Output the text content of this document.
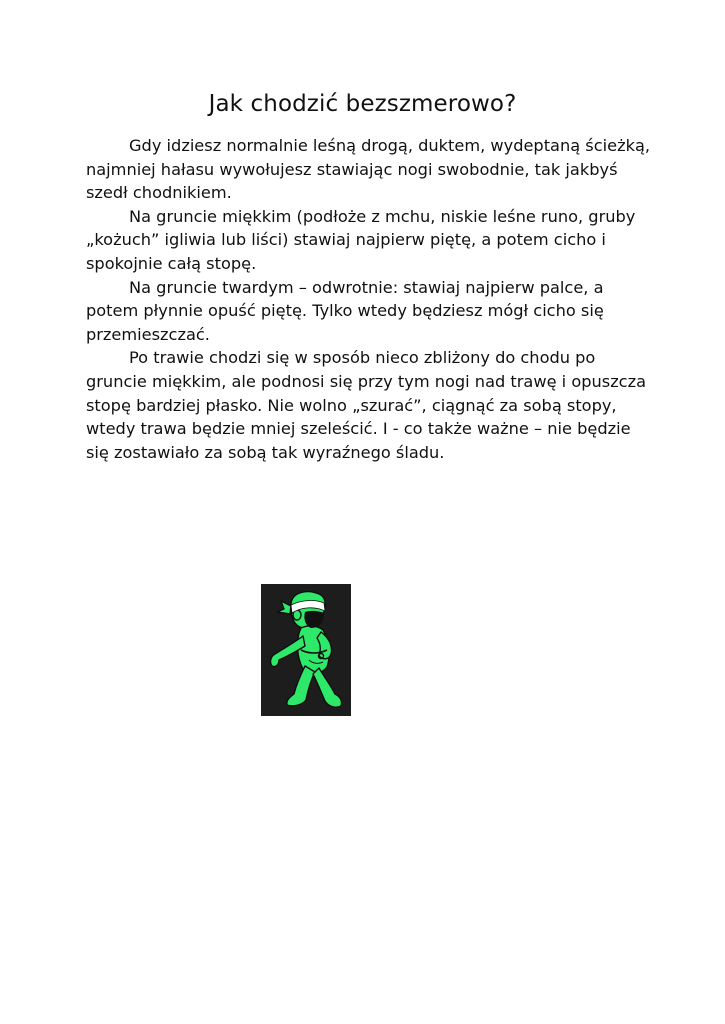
Jak chodzić bezszmerowo?
Gdy idziesz normalnie leśną drogą, duktem, wydeptaną ścieżką,
najmniej hałasu wywołujesz stawiając nogi swobodnie, tak jakbyś
szedł chodnikiem.
Na gruncie miękkim (podłoże z mchu, niskie leśne runo, gruby
„kożuch” igliwia lub liści) stawiaj najpierw piętę, a potem cicho i
spokojnie całą stopę.
Na gruncie twardym – odwrotnie: stawiaj najpierw palce, a
potem płynnie opuść piętę. Tylko wtedy będziesz mógł cicho się
przemieszczać.
Po trawie chodzi się w sposób nieco zbliżony do chodu po
gruncie miękkim, ale podnosi się przy tym nogi nad trawę i opuszcza
stopę bardziej płasko. Nie wolno „szurać”, ciągnąć za sobą stopy,
wtedy trawa będzie mniej szeleścić. I - co także ważne – nie będzie
się zostawiało za sobą tak wyraźnego śladu.
